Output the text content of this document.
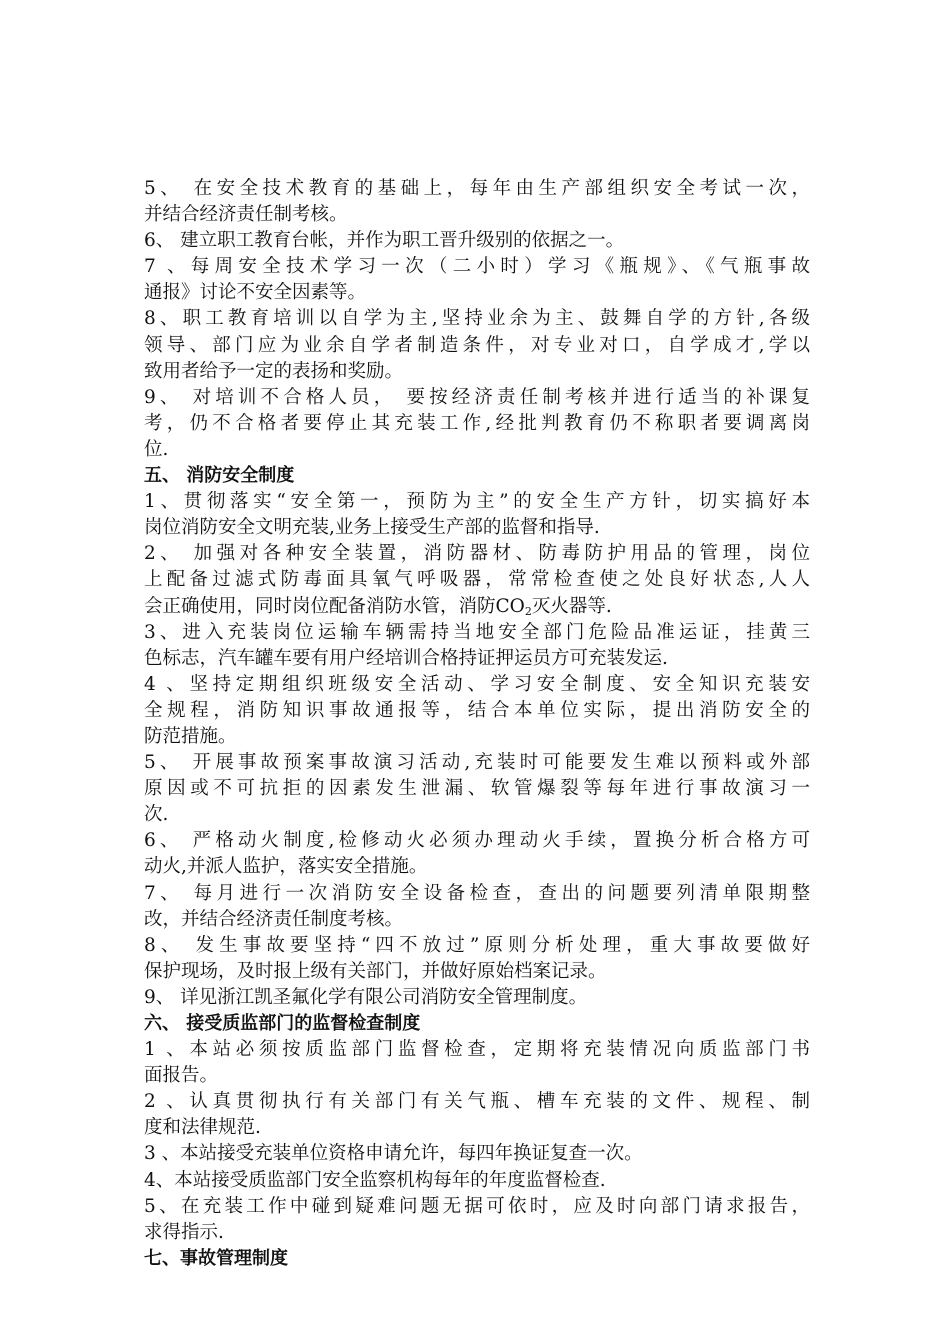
5、 在安全技术教育的基础上，每年由生产部组织安全考试一次，
并结合经济责任制考核。
6、 建立职工教育台帐，并作为职工晋升级别的依据之一。
7 、每周安全技术学习一次（二小时）学习《瓶规》、《气瓶事故
通报》讨论不安全因素等。
8、职工教育培训以自学为主,坚持业余为主、鼓舞自学的方针,各级
领导、部门应为业余自学者制造条件，对专业对口，自学成才,学以
致用者给予一定的表扬和奖励。
9、 对培训不合格人员， 要按经济责任制考核并进行适当的补课复
考，仍不合格者要停止其充装工作,经批判教育仍不称职者要调离岗
位.
五、 消防安全制度
1、贯彻落实“安全第一，预防为主”的安全生产方针，切实搞好本
岗位消防安全文明充装,业务上接受生产部的监督和指导.
2、 加强对各种安全装置，消防器材、防毒防护用品的管理，岗位
上配备过滤式防毒面具氧气呼吸器，常常检查使之处良好状态,人人
会正确使用，同时岗位配备消防水管，消防$CO_2$灭火器等.
3、进入充装岗位运输车辆需持当地安全部门危险品准运证，挂黄三
色标志，汽车罐车要有用户经培训合格持证押运员方可充装发运.
4 、坚持定期组织班级安全活动、学习安全制度、安全知识充装安
全规程，消防知识事故通报等，结合本单位实际，提出消防安全的
防范措施。
5、 开展事故预案事故演习活动,充装时可能要发生难以预料或外部
原因或不可抗拒的因素发生泄漏、软管爆裂等每年进行事故演习一
次.
6、 严格动火制度,检修动火必须办理动火手续，置换分析合格方可
动火,并派人监护，落实安全措施。
7、 每月进行一次消防安全设备检查，查出的问题要列清单限期整
改，并结合经济责任制度考核。
8、 发生事故要坚持“四不放过”原则分析处理，重大事故要做好
保护现场，及时报上级有关部门，并做好原始档案记录。
9、 详见浙江凯圣氟化学有限公司消防安全管理制度。
六、 接受质监部门的监督检查制度
1 、本站必须按质监部门监督检查，定期将充装情况向质监部门书
面报告。
2 、认真贯彻执行有关部门有关气瓶、槽车充装的文件、规程、制
度和法律规范.
3 、本站接受充装单位资格申请允许，每四年换证复查一次。
4、本站接受质监部门安全监察机构每年的年度监督检查.
5、在充装工作中碰到疑难问题无据可依时，应及时向部门请求报告，
求得指示.
七、事故管理制度
